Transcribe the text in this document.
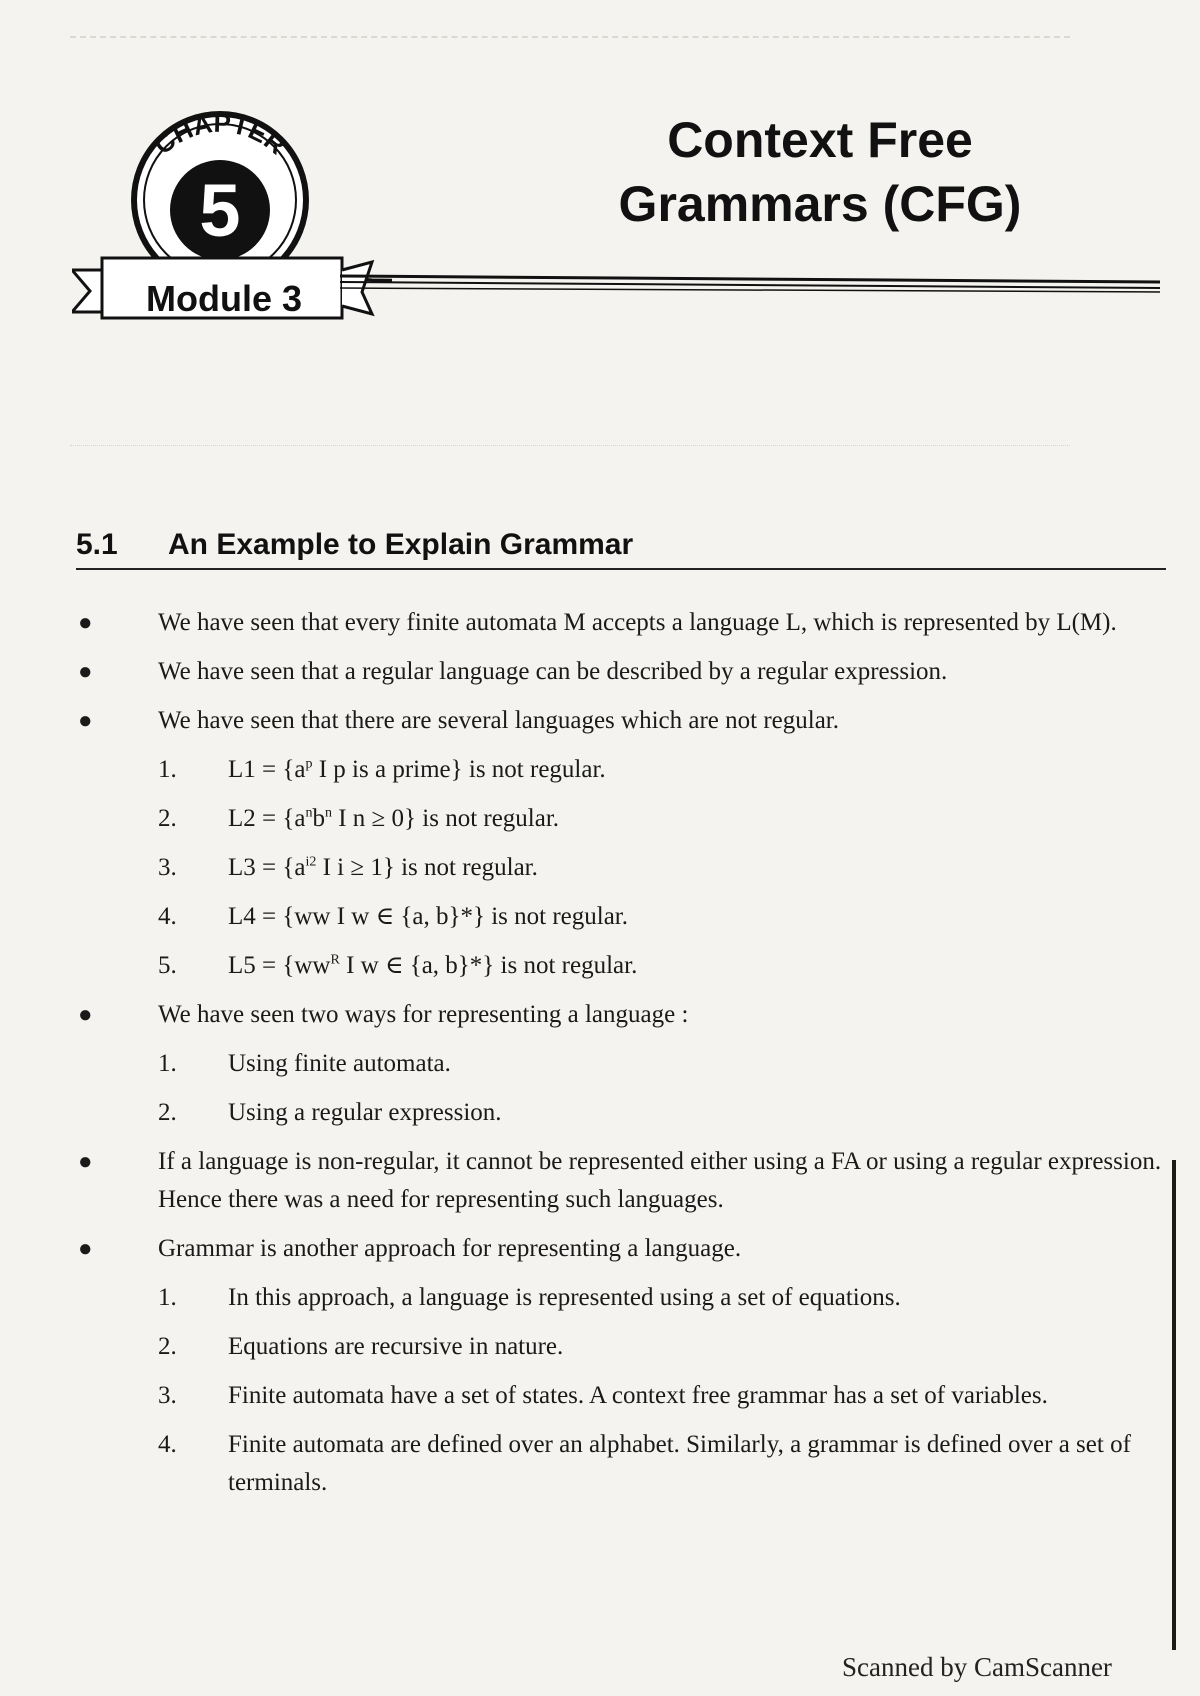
5
CHAPTER
Module 3
Context Free
Grammars (CFG)
5.1 An Example to Explain Grammar
●	We have seen that every finite automata M accepts a language L, which is represented by L(M).
●	We have seen that a regular language can be described by a regular expression.
●	We have seen that there are several languages which are not regular.
1. $L1 = \{a^p$ I p is a prime} is not regular.
2. $L2 = \{a^nb^n$ I n ≥ 0} is not regular.
3. $L3 = \{a^{i2}$ I i ≥ 1} is not regular.
4. L4 = {ww I w ∈ {a, b}*} is not regular.
5. $L5 = \{ww^R$ I w ∈ {a, b}*} is not regular.
●	We have seen two ways for representing a language :
1. Using finite automata.
2. Using a regular expression.
●	If a language is non-regular, it cannot be represented either using a FA or using a regular expression. Hence there was a need for representing such languages.
●	Grammar is another approach for representing a language.
1. In this approach, a language is represented using a set of equations.
2. Equations are recursive in nature.
3. Finite automata have a set of states. A context free grammar has a set of variables.
4. Finite automata are defined over an alphabet. Similarly, a grammar is defined over a set of terminals.
Scanned by CamScanner
